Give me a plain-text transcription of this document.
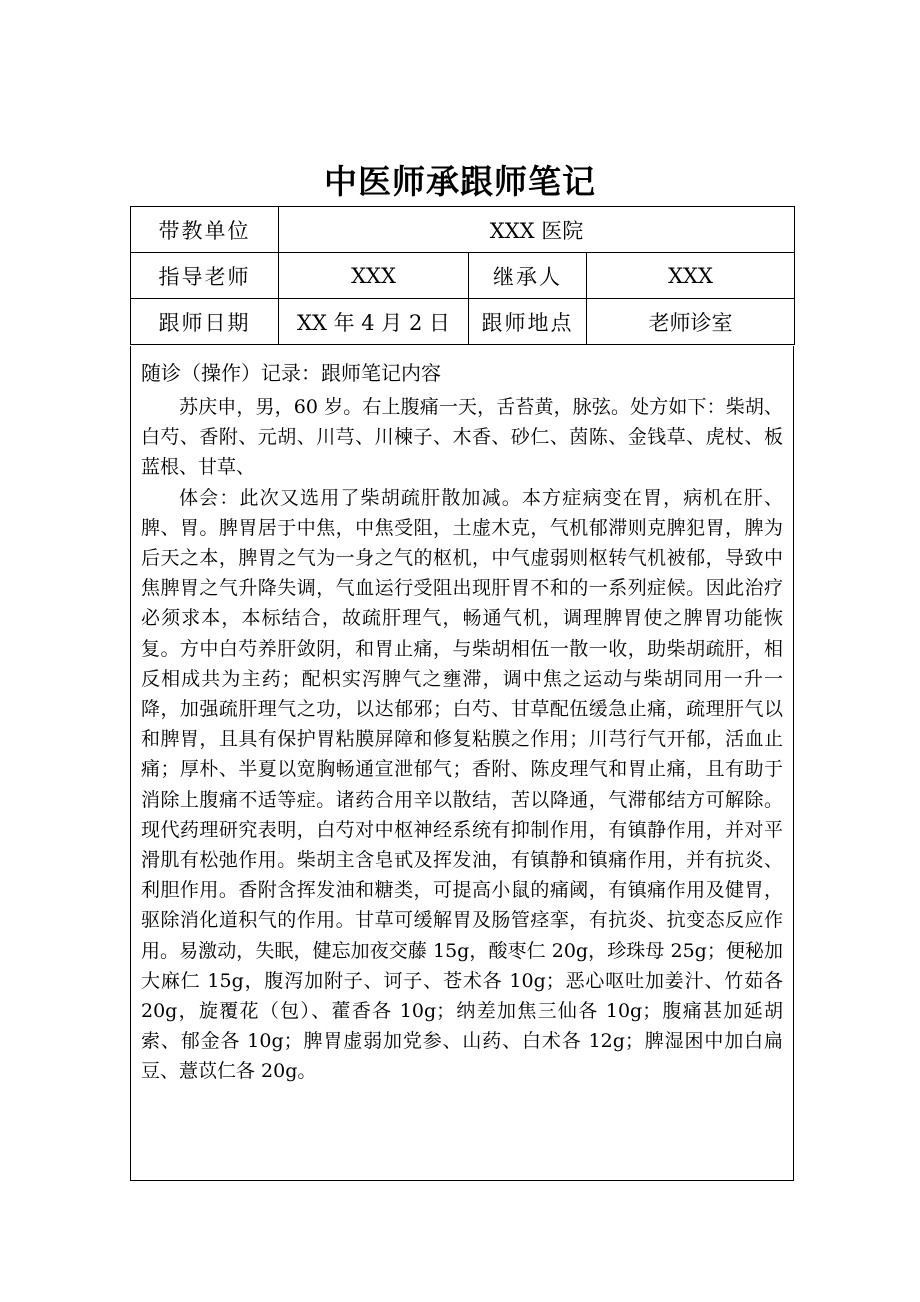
中医师承跟师笔记
带教单位	XXX 医院		
指导老师	XXX	继承人	XXX
跟师日期	XX 年 4 月 2 日	跟师地点	老师诊室
随诊（操作）记录：跟师笔记内容

苏庆申，男，60 岁。右上腹痛一天，舌苔黄，脉弦。处方如下：柴胡、白芍、香附、元胡、川芎、川楝子、木香、砂仁、茵陈、金钱草、虎杖、板蓝根、甘草、

体会：此次又选用了柴胡疏肝散加减。本方症病变在胃，病机在肝、脾、胃。脾胃居于中焦，中焦受阻，土虚木克，气机郁滞则克脾犯胃，脾为后天之本，脾胃之气为一身之气的枢机，中气虚弱则枢转气机被郁，导致中焦脾胃之气升降失调，气血运行受阻出现肝胃不和的一系列症候。因此治疗必须求本，本标结合，故疏肝理气，畅通气机，调理脾胃使之脾胃功能恢复。方中白芍养肝敛阴，和胃止痛，与柴胡相伍一散一收，助柴胡疏肝，相反相成共为主药；配枳实泻脾气之壅滞，调中焦之运动与柴胡同用一升一降，加强疏肝理气之功，以达郁邪；白芍、甘草配伍缓急止痛，疏理肝气以和脾胃，且具有保护胃粘膜屏障和修复粘膜之作用；川芎行气开郁，活血止痛；厚朴、半夏以宽胸畅通宣泄郁气；香附、陈皮理气和胃止痛，且有助于消除上腹痛不适等症。诸药合用辛以散结，苦以降通，气滞郁结方可解除。现代药理研究表明，白芍对中枢神经系统有抑制作用，有镇静作用，并对平滑肌有松弛作用。柴胡主含皂甙及挥发油，有镇静和镇痛作用，并有抗炎、利胆作用。香附含挥发油和糖类，可提高小鼠的痛阈，有镇痛作用及健胃，驱除消化道积气的作用。甘草可缓解胃及肠管痉挛，有抗炎、抗变态反应作用。易激动，失眠，健忘加夜交藤 15g，酸枣仁 20g，珍珠母 25g；便秘加大麻仁 15g，腹泻加附子、诃子、苍术各 10g；恶心呕吐加姜汁、竹茹各 20g，旋覆花（包）、藿香各 10g；纳差加焦三仙各 10g；腹痛甚加延胡索、郁金各 10g；脾胃虚弱加党参、山药、白术各 12g；脾湿困中加白扁豆、薏苡仁各 20g。
